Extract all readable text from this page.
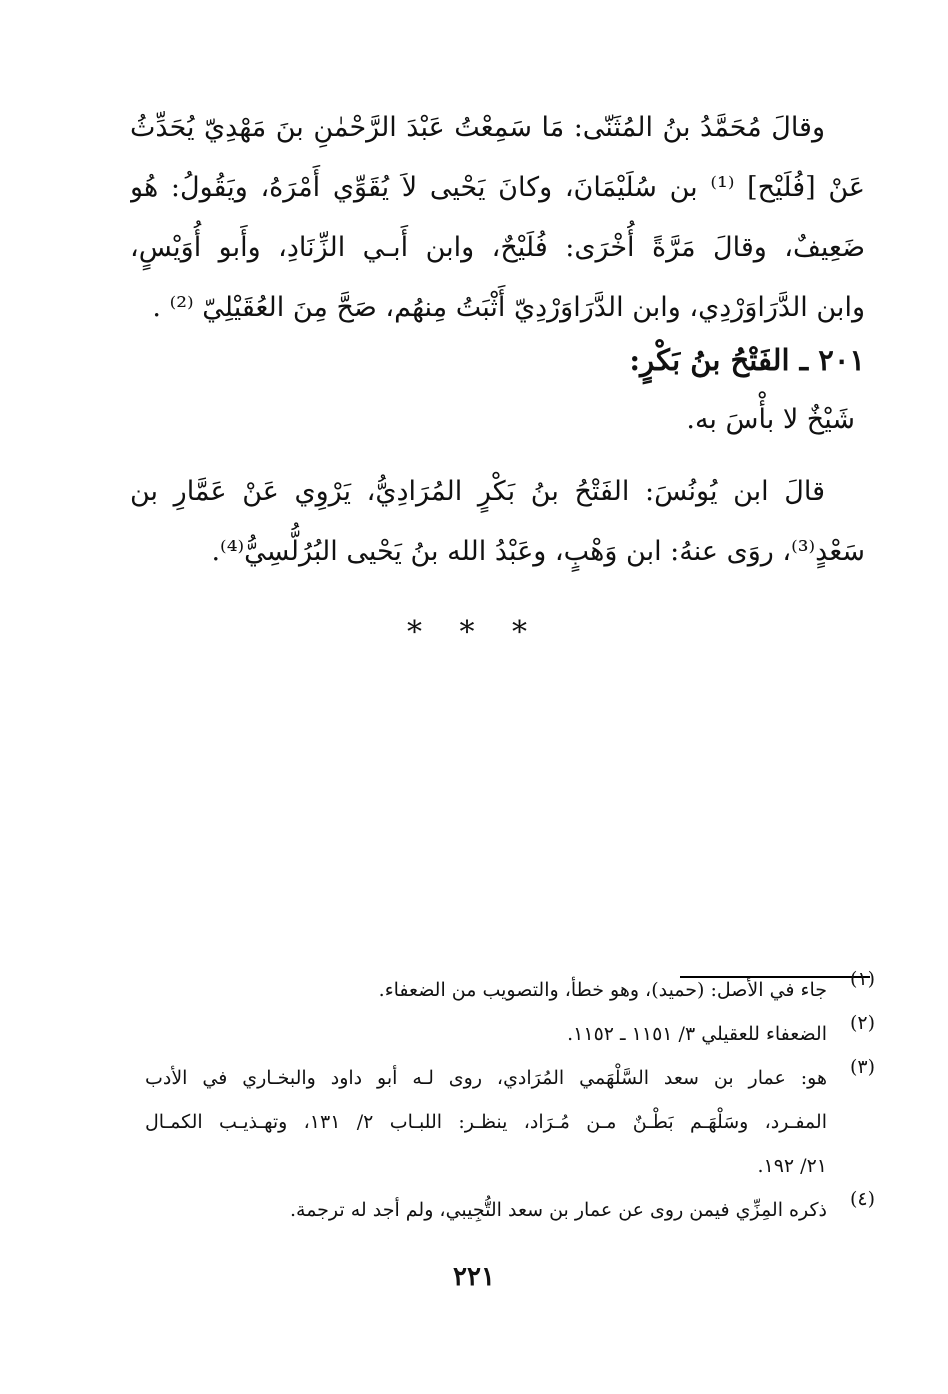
وقالَ مُحَمَّدُ بنُ المُثَنّى: مَا سَمِعْتُ عَبْدَ الرَّحْمٰنِ بنَ مَهْدِيّ يُحَدِّثُ
عَنْ [فُلَيْح] ⁽¹⁾ بن سُلَيْمَانَ، وكانَ يَحْيى لاَ يُقَوِّي أَمْرَهُ، ويَقُولُ: هُو
ضَعِيفٌ، وقالَ مَرَّةً أُخْرَى: فُلَيْحٌ، وابن أَبـي الزِّنَادِ، وأَبو أُوَيْسٍ،
وابن الدَّرَاوَرْدِي، وابن الدَّرَاوَرْدِيّ أَثْبَتُ مِنهُم، صَحَّ مِنَ العُقَيْلِيّ ⁽²⁾ .
٢٠١ ـ الفَتْحُ بنُ بَكْرٍ:
شَيْخٌ لا بأْسَ به.
قالَ ابن يُونُسَ: الفَتْحُ بنُ بَكْرٍ المُرَادِيُّ، يَرْوِي عَنْ عَمَّارِ بن
سَعْدٍ⁽³⁾، روَى عنهُ: ابن وَهْبٍ، وعَبْدُ الله بنُ يَحْيى البُرُلُّسِيُّ⁽⁴⁾.
* * *
(١)
جاء في الأصل: (حميد)، وهو خطأ، والتصويب من الضعفاء.
(٢)
الضعفاء للعقيلي ٣/ ١١٥١ ـ ١١٥٢.
(٣)
هو: عمار بن سعد السَّلْهَمي المُرَادي، روى لـه أبو داود والبخـاري في الأدب
المفـرد، وسَلْهَـم بَطْـنٌ مـن مُـرَاد، ينظـر: اللبـاب ٢/ ١٣١، وتهـذيـب الكمـال
٢١/ ١٩٢.
(٤)
ذكره المِزِّي فيمن روى عن عمار بن سعد التُّجِيبي، ولم أجد له ترجمة.
٢٢١
